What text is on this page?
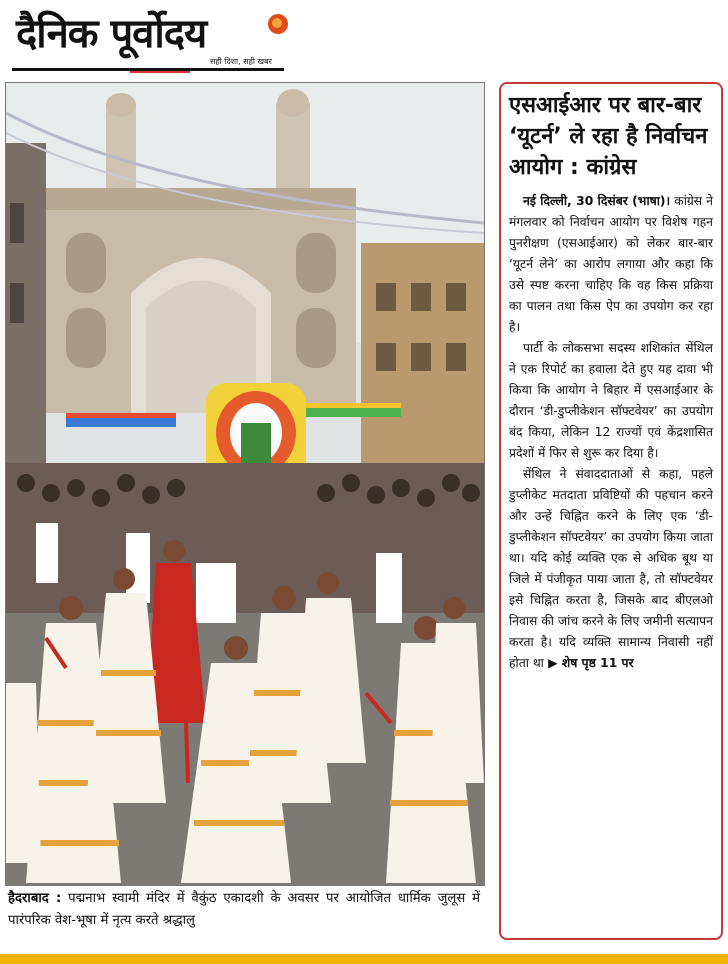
दैनिक पूर्वोदय
सही दिशा, सही खबर
हैदराबाद : पद्मनाभ स्वामी मंदिर में वैकुंठ एकादशी के अवसर पर आयोजित धार्मिक जुलूस में पारंपरिक वेश-भूषा में नृत्य करते श्रद्धालु
एसआईआर पर बार-बार ‘यूटर्न’ ले रहा है निर्वाचन आयोग : कांग्रेस

नई दिल्ली, 30 दिसंबर (भाषा)। कांग्रेस ने मंगलवार को निर्वाचन आयोग पर विशेष गहन पुनरीक्षण (एसआईआर) को लेकर बार-बार ‘यूटर्न लेने’ का आरोप लगाया और कहा कि उसे स्पष्ट करना चाहिए कि वह किस प्रक्रिया का पालन तथा किस ऐप का उपयोग कर रहा है।

पार्टी के लोकसभा सदस्य शशिकांत सेंथिल ने एक रिपोर्ट का हवाला देते हुए यह दावा भी किया कि आयोग ने बिहार में एसआईआर के दौरान ‘डी-डुप्लीकेशन सॉफ्टवेयर’ का उपयोग बंद किया, लेकिन 12 राज्यों एवं केंद्रशासित प्रदेशों में फिर से शुरू कर दिया है।

सेंथिल ने संवाददाताओं से कहा, पहले डुप्लीकेट मतदाता प्रविष्टियों की पहचान करने और उन्हें चिह्नित करने के लिए एक ‘डी-डुप्लीकेशन सॉफ्टवेयर’ का उपयोग किया जाता था। यदि कोई व्यक्ति एक से अधिक बूथ या जिले में पंजीकृत पाया जाता है, तो सॉफ्टवेयर इसे चिह्नित करता है, जिसके बाद बीएलओ निवास की जांच करने के लिए जमीनी सत्यापन करता है। यदि व्यक्ति सामान्य निवासी नहीं होता था ▶ शेष पृष्ठ 11 पर
